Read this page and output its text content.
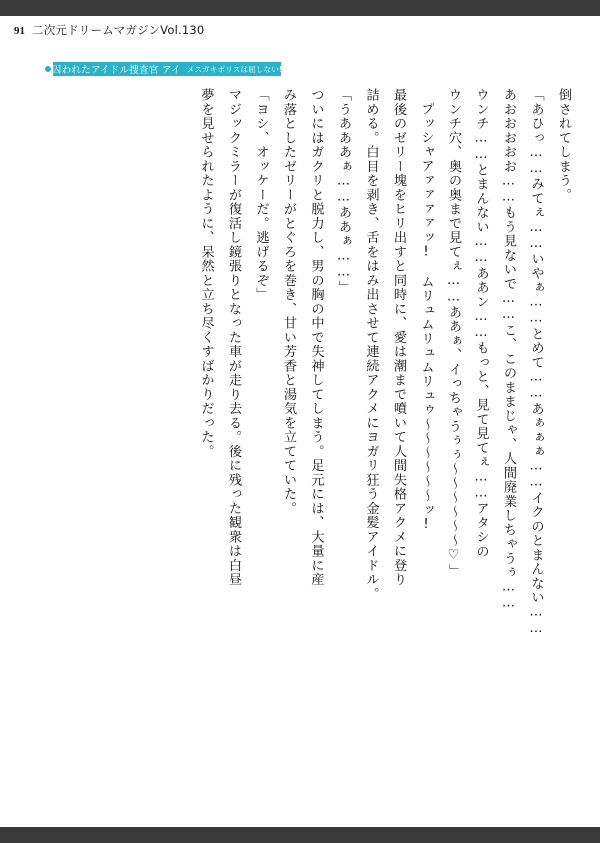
91 二次元ドリームマガジンVol.130
囚われたアイドル捜査官 アイ メスガキポリスは屈しない!
倒されてしまう。
「あひっ……みてぇ……いやぁ……とめて……あぁぁぁ……イクのとまんない……
あおおおおお……もう見ないで……こ、このままじゃ、人間廃業しちゃうぅ……
ウンチ……とまんない……ああン……もっと、見て見てぇ……アタシの
ウンチ穴、奥の奥まで見てぇ……ああぁ、イっちゃうぅぅ～～～～～～♡」
プッシャアァァァァッ!　ムリュムリュムリュゥ～～～～～～ッ!
最後のゼリー塊をヒリ出すと同時に、愛は潮まで噴いて人間失格アクメに登り
詰める。白目を剥き、舌をはみ出させて連続アクメにヨガリ狂う金髪アイドル。
「うあああぁ……ああぁ……」
ついにはガクリと脱力し、男の胸の中で失神してしまう。足元には、大量に産
み落としたゼリーがとぐろを巻き、甘い芳香と湯気を立てていた。
「ヨシ、オッケーだ。逃げるぞ」
マジックミラーが復活し鏡張りとなった車が走り去る。後に残った観衆は白昼
夢を見せられたように、呆然と立ち尽くすばかりだった。
